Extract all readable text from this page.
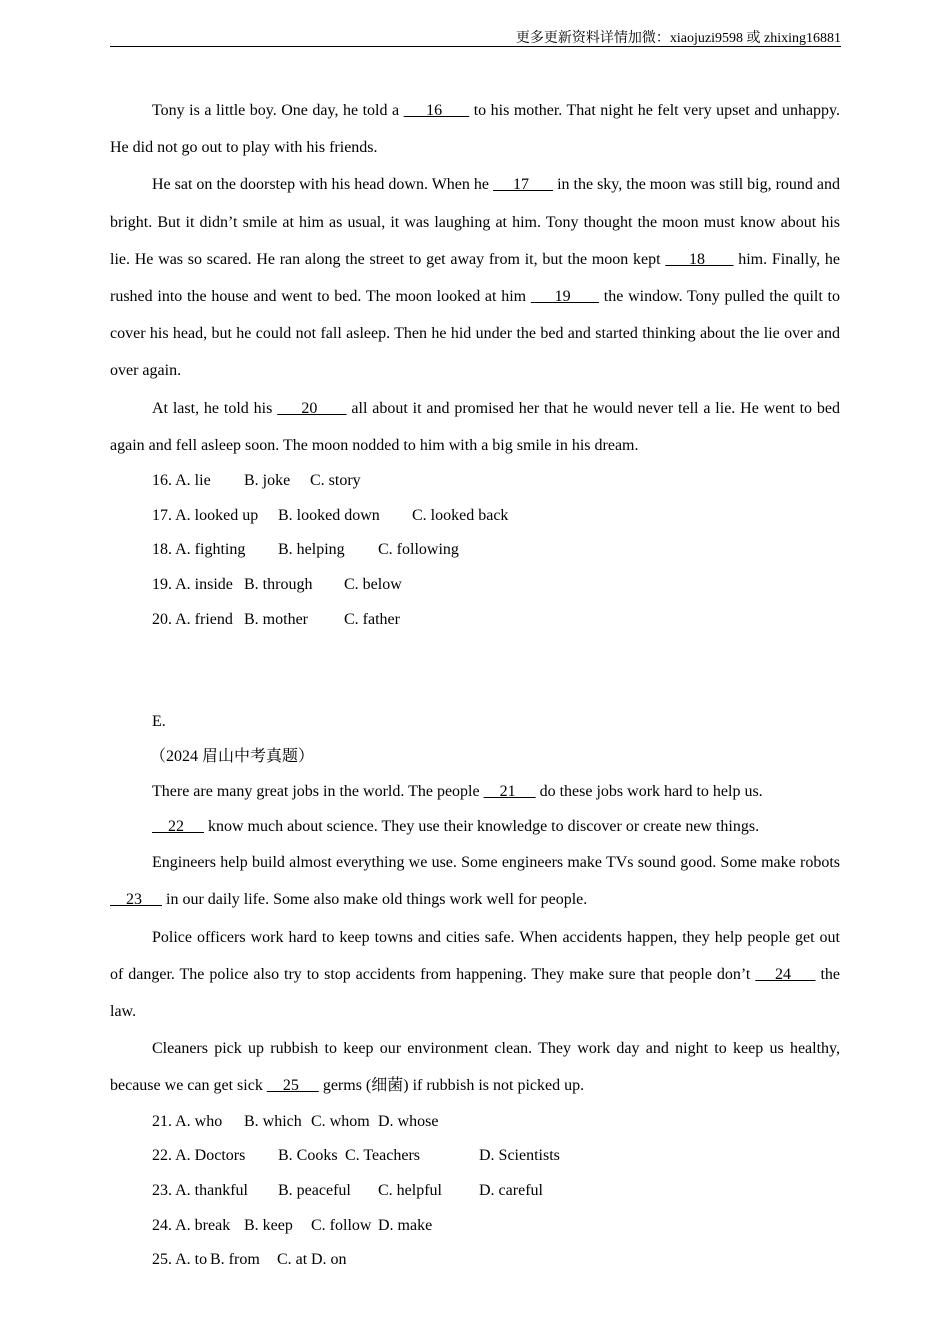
更多更新资料详情加微：xiaojuzi9598 或 zhixing16881

Tony is a little boy. One day, he told a      16       to his mother. That night he felt very upset and unhappy. He did not go out to play with his friends.

He sat on the doorstep with his head down. When he      17       in the sky, the moon was still big, round and bright. But it didn’t smile at him as usual, it was laughing at him. Tony thought the moon must know about his lie. He was so scared. He ran along the street to get away from it, but the moon kept      18       him. Finally, he rushed into the house and went to bed. The moon looked at him      19       the window. Tony pulled the quilt to cover his head, but he could not fall asleep. Then he hid under the bed and started thinking about the lie over and over again.

At last, he told his      20       all about it and promised her that he would never tell a lie. He went to bed again and fell asleep soon. The moon nodded to him with a big smile in his dream.

16. A. lie B. joke C. story
17. A. looked up B. looked down C. looked back
18. A. fighting B. helping C. following
19. A. inside B. through C. below
20. A. friend B. mother C. father
E.
（2024 眉山中考真题）
There are many great jobs in the world. The people     21      do these jobs work hard to help us.
22      know much about science. They use their knowledge to discover or create new things.

Engineers help build almost everything we use. Some engineers make TVs sound good. Some make robots     23      in our daily life. Some also make old things work well for people.

Police officers work hard to keep towns and cities safe. When accidents happen, they help people get out of danger. The police also try to stop accidents from happening. They make sure that people don’t     24      the law.

Cleaners pick up rubbish to keep our environment clean. They work day and night to keep us healthy, because we can get sick     25      germs (细菌) if rubbish is not picked up.

21. A. who B. which C. whom D. whose
22. A. Doctors B. Cooks C. Teachers	D. Scientists
23. A. thankful B. peaceful C. helpful D. careful
24. A. break B. keep C. follow D. make
25. A. to B. from C. at D. on
